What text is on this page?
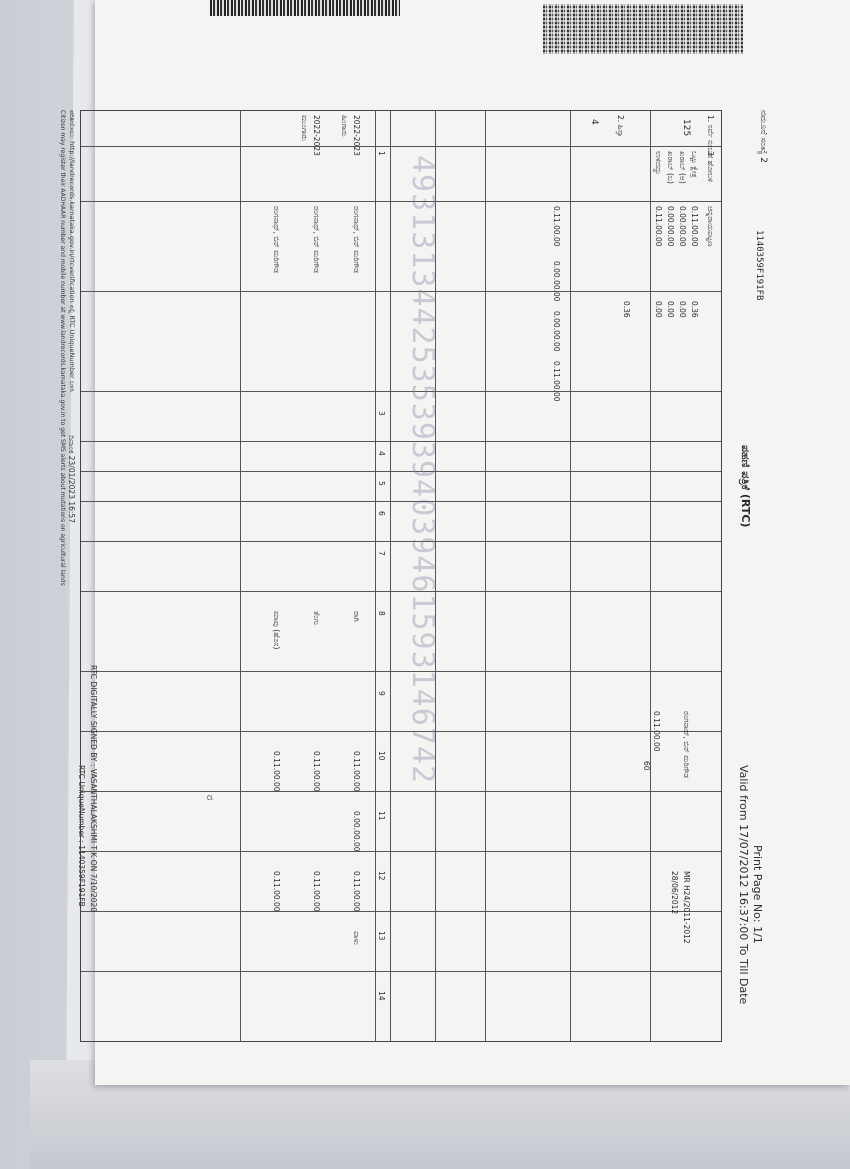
ನಮೂನೆ ಸಂಖ್ಯೆ 2
1140359F191FB
ಪಹಣಿ ಪತ್ರಿಕೆ (RTC)
Print Page No: 1/1
Valid from 17/07/2012 16:37:00 To Till Date
1. ಸರ್ವೆ ನಂಬರ್
125
2. ಹಿಸ್ಸಾ
4
3. ಹೋಬಳಿ
ಒಟ್ಟು ಕ್ಷೇತ್ರ
ಖರಾಬ್ (ಅ)
ಖರಾಬ್ (ಬ)
ಉಳಿದದ್ದು
ಚನ್ನರಾಯಪಟ್ಟಣ
0.11.00.00
0.00.00.00
0.00.00.00
0.11.00.00
0.36
0.00
0.00
0.00
0.36
0.11.00.00
0.00.00.00
0.00.00.00
0.11.00.00
ರಂಗನಾಥ್, ಬಿನ್ ಮರಿಗೌಡ
0.11.00.00
60
MR H24/2011-2012
28/06/2012
1
3
4
5
6
7
8
9
10
11
12
13
14
2022-2023
ಹಿಂಗಾರು
ರಂಗನಾಥ್, ಬಿನ್ ಮರಿಗೌಡ
ರಾಗಿ
0.11.00.00
0.00.00.00
0.11.00.00
ಪಾಳು
2022-2023
ಮುಂಗಾರು
ರಂಗನಾಥ್, ಬಿನ್ ಮರಿಗೌಡ
ತೆಂಗು
0.11.00.00
0.11.00.00
ರಂಗನಾಥ್, ಬಿನ್ ಮರಿಗೌಡ
ಮಾವು (ಹೊಸ)
0.11.00.00
0.11.00.00
493131344253539394039461593146742
ದಿನಾಂಕ 23/01/2023 16:57
RTC DIGITALLY SIGNED BY : VASANTHALAKSHMI T K ON 7/10/2020
RTC UniqueNumber : 1140359F191FB
ಪರಿಶೀಲಿಸಲು: http://landrecords.karnataka.gov.in/rtcverification ನಲ್ಲಿ RTC UniqueNumber ಬಳಸಿ
Citizen may register their AADHAAR number and mobile number at www.landrecords.karnataka.gov.in to get SMS alerts about mutations on agricultural lands
ರ
